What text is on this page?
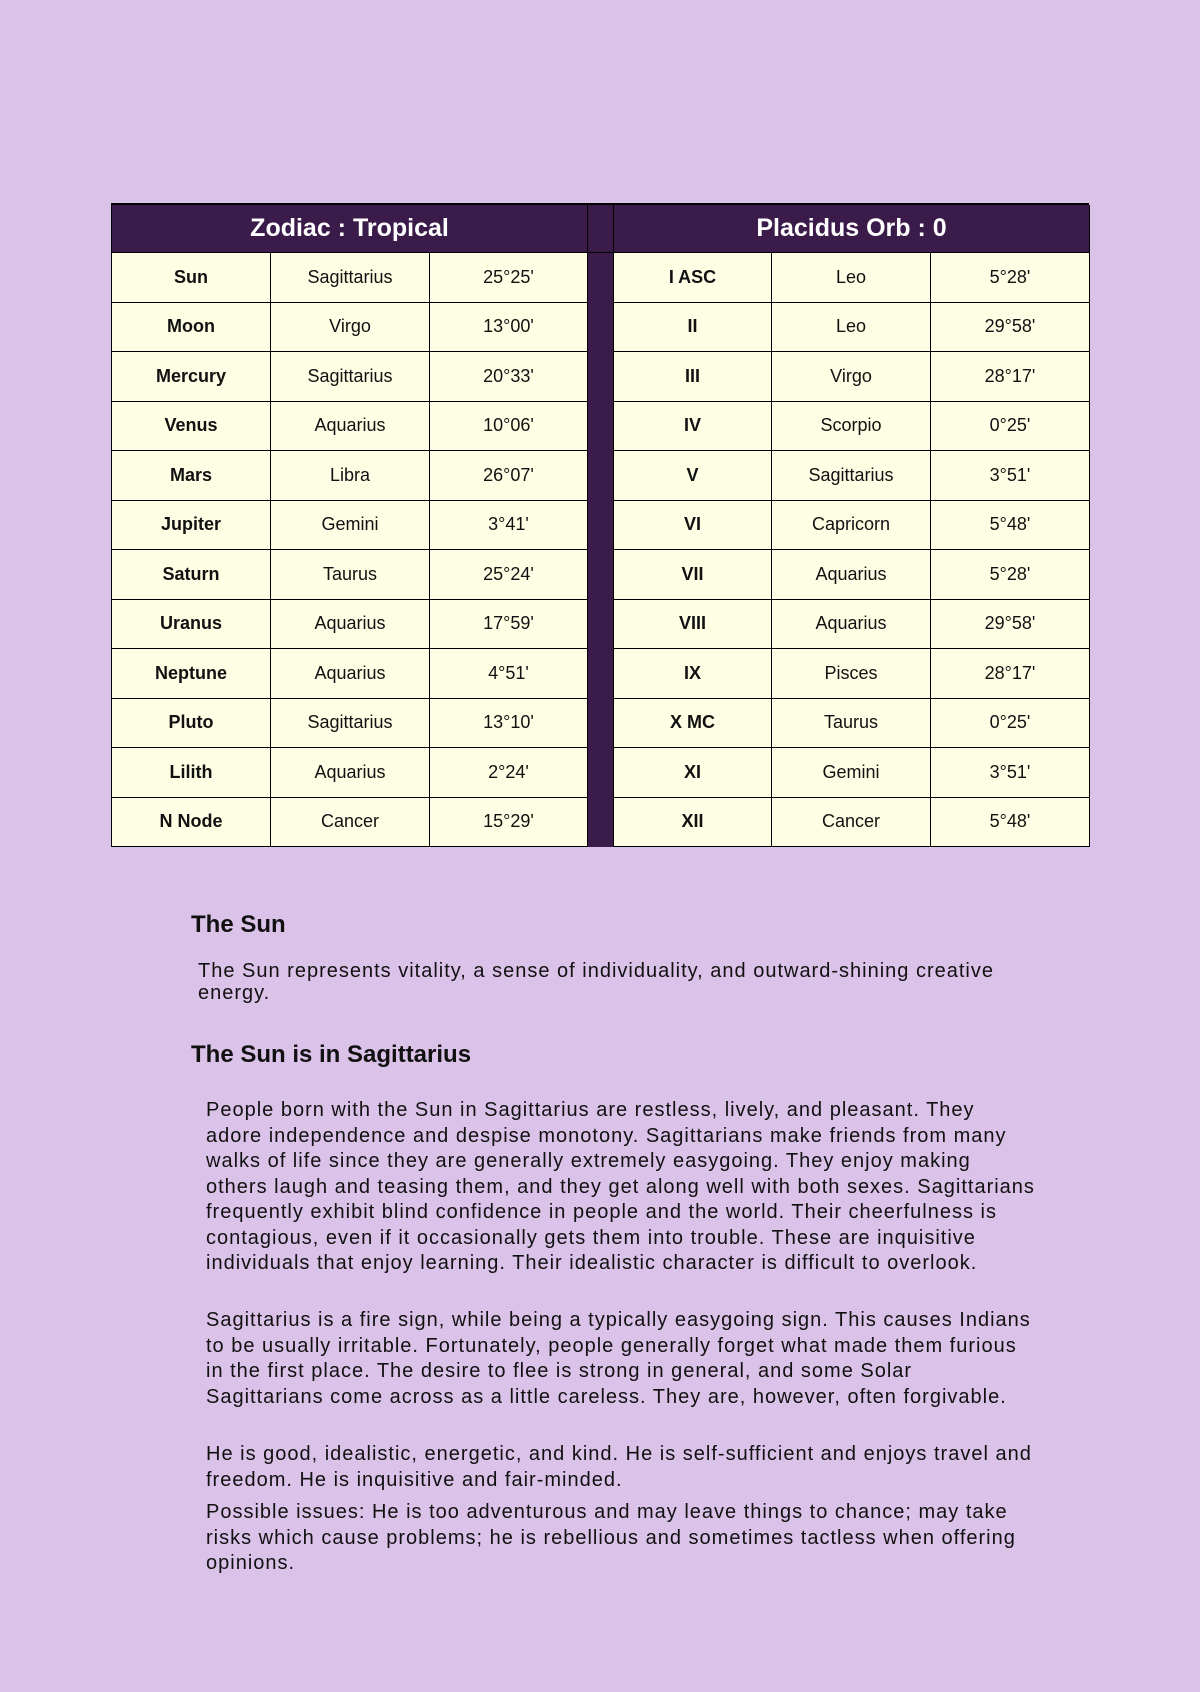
Zodiac : Tropical	Placidus Orb : 0
Sun	Sagittarius	25°25'	I ASC	Leo	5°28'
Moon	Virgo	13°00'	II	Leo	29°58'
Mercury	Sagittarius	20°33'	III	Virgo	28°17'
Venus	Aquarius	10°06'	IV	Scorpio	0°25'
Mars	Libra	26°07'	V	Sagittarius	3°51'
Jupiter	Gemini	3°41'	VI	Capricorn	5°48'
Saturn	Taurus	25°24'	VII	Aquarius	5°28'
Uranus	Aquarius	17°59'	VIII	Aquarius	29°58'
Neptune	Aquarius	4°51'	IX	Pisces	28°17'
Pluto	Sagittarius	13°10'	X MC	Taurus	0°25'
Lilith	Aquarius	2°24'	XI	Gemini	3°51'
N Node	Cancer	15°29'	XII	Cancer	5°48'
The Sun

The Sun represents vitality, a sense of individuality, and outward-shining creative energy.

The Sun is in Sagittarius

People born with the Sun in Sagittarius are restless, lively, and pleasant. They adore independence and despise monotony. Sagittarians make friends from many walks of life since they are generally extremely easygoing. They enjoy making others laugh and teasing them, and they get along well with both sexes. Sagittarians frequently exhibit blind confidence in people and the world. Their cheerfulness is contagious, even if it occasionally gets them into trouble. These are inquisitive individuals that enjoy learning. Their idealistic character is difficult to overlook.

Sagittarius is a fire sign, while being a typically easygoing sign. This causes Indians to be usually irritable. Fortunately, people generally forget what made them furious in the first place. The desire to flee is strong in general, and some Solar Sagittarians come across as a little careless. They are, however, often forgivable.

He is good, idealistic, energetic, and kind. He is self-sufficient and enjoys travel and freedom. He is inquisitive and fair-minded.

Possible issues: He is too adventurous and may leave things to chance; may take risks which cause problems; he is rebellious and sometimes tactless when offering opinions.
